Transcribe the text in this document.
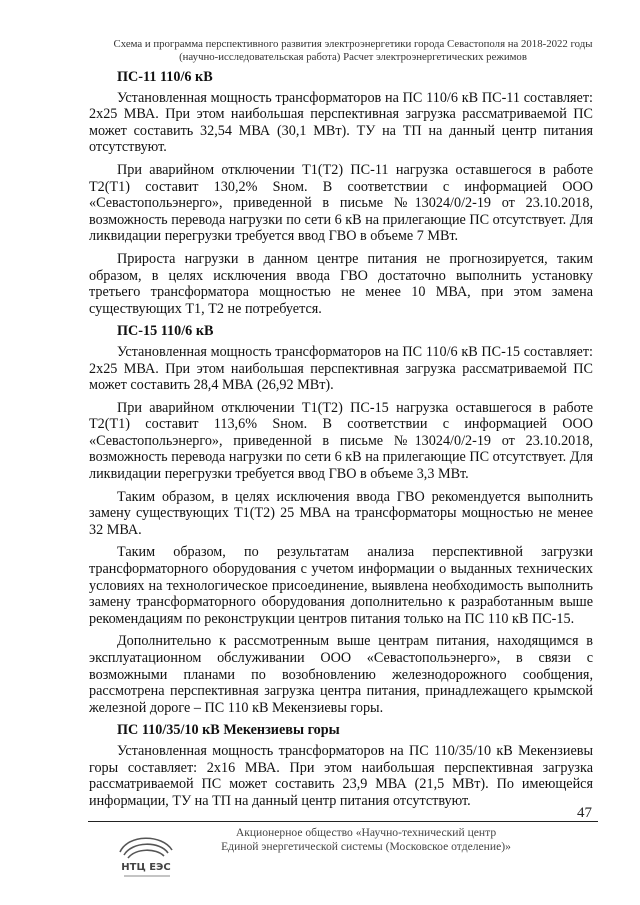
Схема и программа перспективного развития электроэнергетики города Севастополя на 2018-2022 годы
(научно-исследовательская работа) Расчет электроэнергетических режимов

ПС-11 110/6 кВ

Установленная мощность трансформаторов на ПС 110/6 кВ ПС-11 составляет: 2х25 МВА. При этом наибольшая перспективная загрузка рассматриваемой ПС может составить 32,54 МВА (30,1 МВт). ТУ на ТП на данный центр питания отсутствуют.

При аварийном отключении Т1(Т2) ПС-11 нагрузка оставшегося в работе Т2(Т1) составит 130,2% Sном. В соответствии с информацией ООО «Севастопольэнерго», приведенной в письме №13024/0/2-19 от 23.10.2018, возможность перевода нагрузки по сети 6 кВ на прилегающие ПС отсутствует. Для ликвидации перегрузки требуется ввод ГВО в объеме 7 МВт.

Прироста нагрузки в данном центре питания не прогнозируется, таким образом, в целях исключения ввода ГВО достаточно выполнить установку третьего трансформатора мощностью не менее 10 МВА, при этом замена существующих Т1, Т2 не потребуется.

ПС-15 110/6 кВ

Установленная мощность трансформаторов на ПС 110/6 кВ ПС-15 составляет: 2х25 МВА. При этом наибольшая перспективная загрузка рассматриваемой ПС может составить 28,4 МВА (26,92 МВт).

При аварийном отключении Т1(Т2) ПС-15 нагрузка оставшегося в работе Т2(Т1) составит 113,6% Sном. В соответствии с информацией ООО «Севастопольэнерго», приведенной в письме №13024/0/2-19 от 23.10.2018, возможность перевода нагрузки по сети 6 кВ на прилегающие ПС отсутствует. Для ликвидации перегрузки требуется ввод ГВО в объеме 3,3 МВт.

Таким образом, в целях исключения ввода ГВО рекомендуется выполнить замену существующих Т1(Т2) 25 МВА на трансформаторы мощностью не менее 32 МВА.

Таким образом, по результатам анализа перспективной загрузки трансформаторного оборудования с учетом информации о выданных технических условиях на технологическое присоединение, выявлена необходимость выполнить замену трансформаторного оборудования дополнительно к разработанным выше рекомендациям по реконструкции центров питания только на ПС 110 кВ ПС-15.

Дополнительно к рассмотренным выше центрам питания, находящимся в эксплуатационном обслуживании ООО «Севастопольэнерго», в связи с возможными планами по возобновлению железнодорожного сообщения, рассмотрена перспективная загрузка центра питания, принадлежащего крымской железной дороге – ПС 110 кВ Мекензиевы горы.

ПС 110/35/10 кВ Мекензиевы горы

Установленная мощность трансформаторов на ПС 110/35/10 кВ Мекензиевы горы составляет: 2х16 МВА. При этом наибольшая перспективная загрузка рассматриваемой ПС может составить 23,9 МВА (21,5 МВт). По имеющейся информации, ТУ на ТП на данный центр питания отсутствуют.

47
НТЦ ЕЭС
Акционерное общество «Научно-технический центр
Единой энергетической системы (Московское отделение)»
